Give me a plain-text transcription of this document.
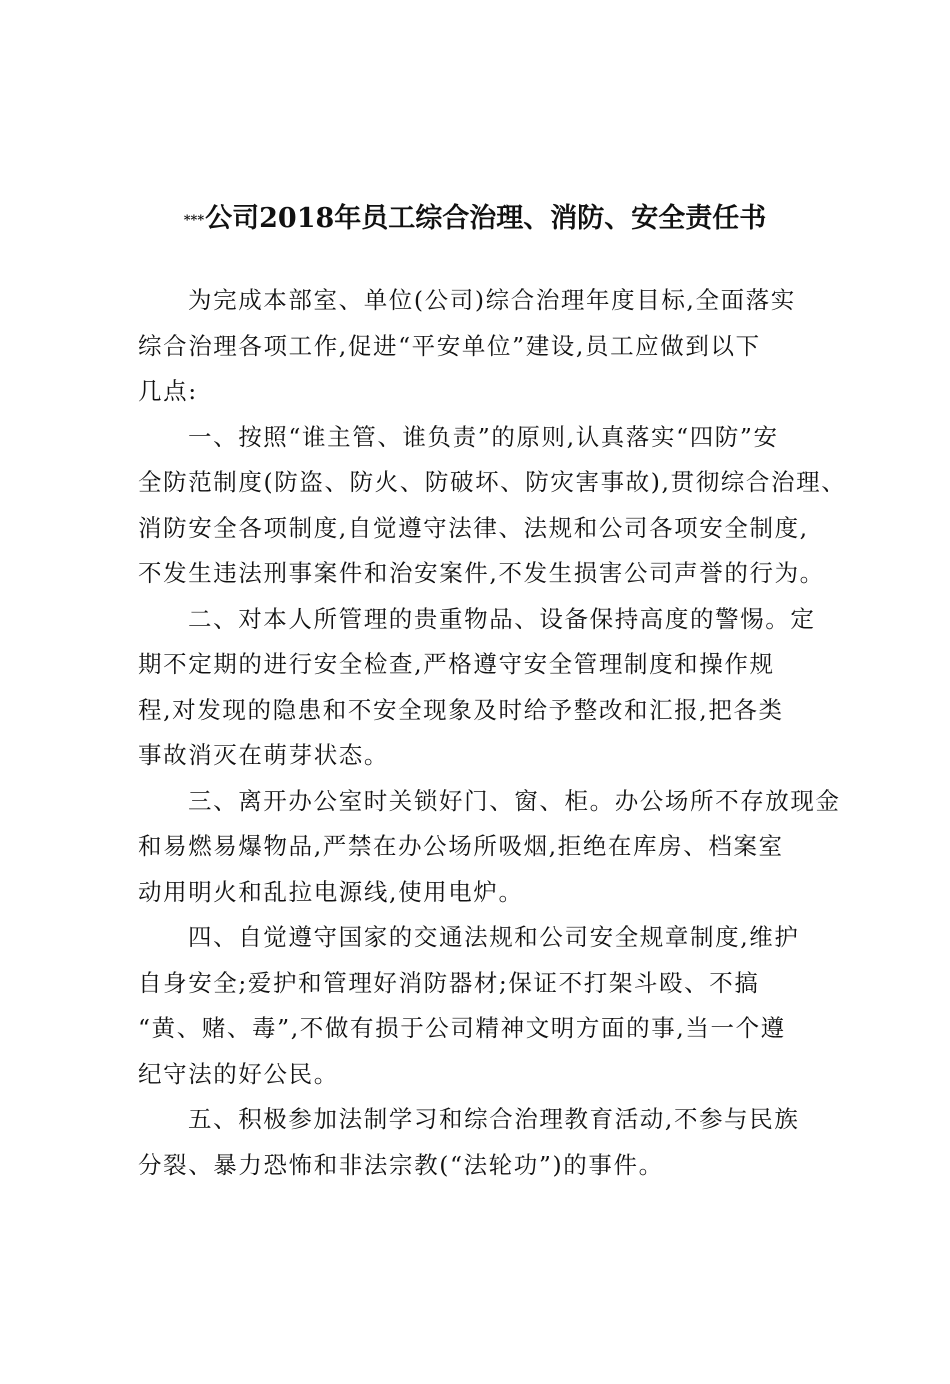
***公司2018年员工综合治理、消防、安全责任书

为完成本部室、单位(公司)综合治理年度目标,全面落实
综合治理各项工作,促进“平安单位”建设,员工应做到以下
几点:

一、按照“谁主管、谁负责”的原则,认真落实“四防”安
全防范制度(防盗、防火、防破坏、防灾害事故),贯彻综合治理、
消防安全各项制度,自觉遵守法律、法规和公司各项安全制度,
不发生违法刑事案件和治安案件,不发生损害公司声誉的行为。

二、对本人所管理的贵重物品、设备保持高度的警惕。定
期不定期的进行安全检查,严格遵守安全管理制度和操作规
程,对发现的隐患和不安全现象及时给予整改和汇报,把各类
事故消灭在萌芽状态。

三、离开办公室时关锁好门、窗、柜。办公场所不存放现金
和易燃易爆物品,严禁在办公场所吸烟,拒绝在库房、档案室
动用明火和乱拉电源线,使用电炉。

四、自觉遵守国家的交通法规和公司安全规章制度,维护
自身安全;爱护和管理好消防器材;保证不打架斗殴、不搞
“黄、赌、毒”,不做有损于公司精神文明方面的事,当一个遵
纪守法的好公民。

五、积极参加法制学习和综合治理教育活动,不参与民族
分裂、暴力恐怖和非法宗教(“法轮功”)的事件。
